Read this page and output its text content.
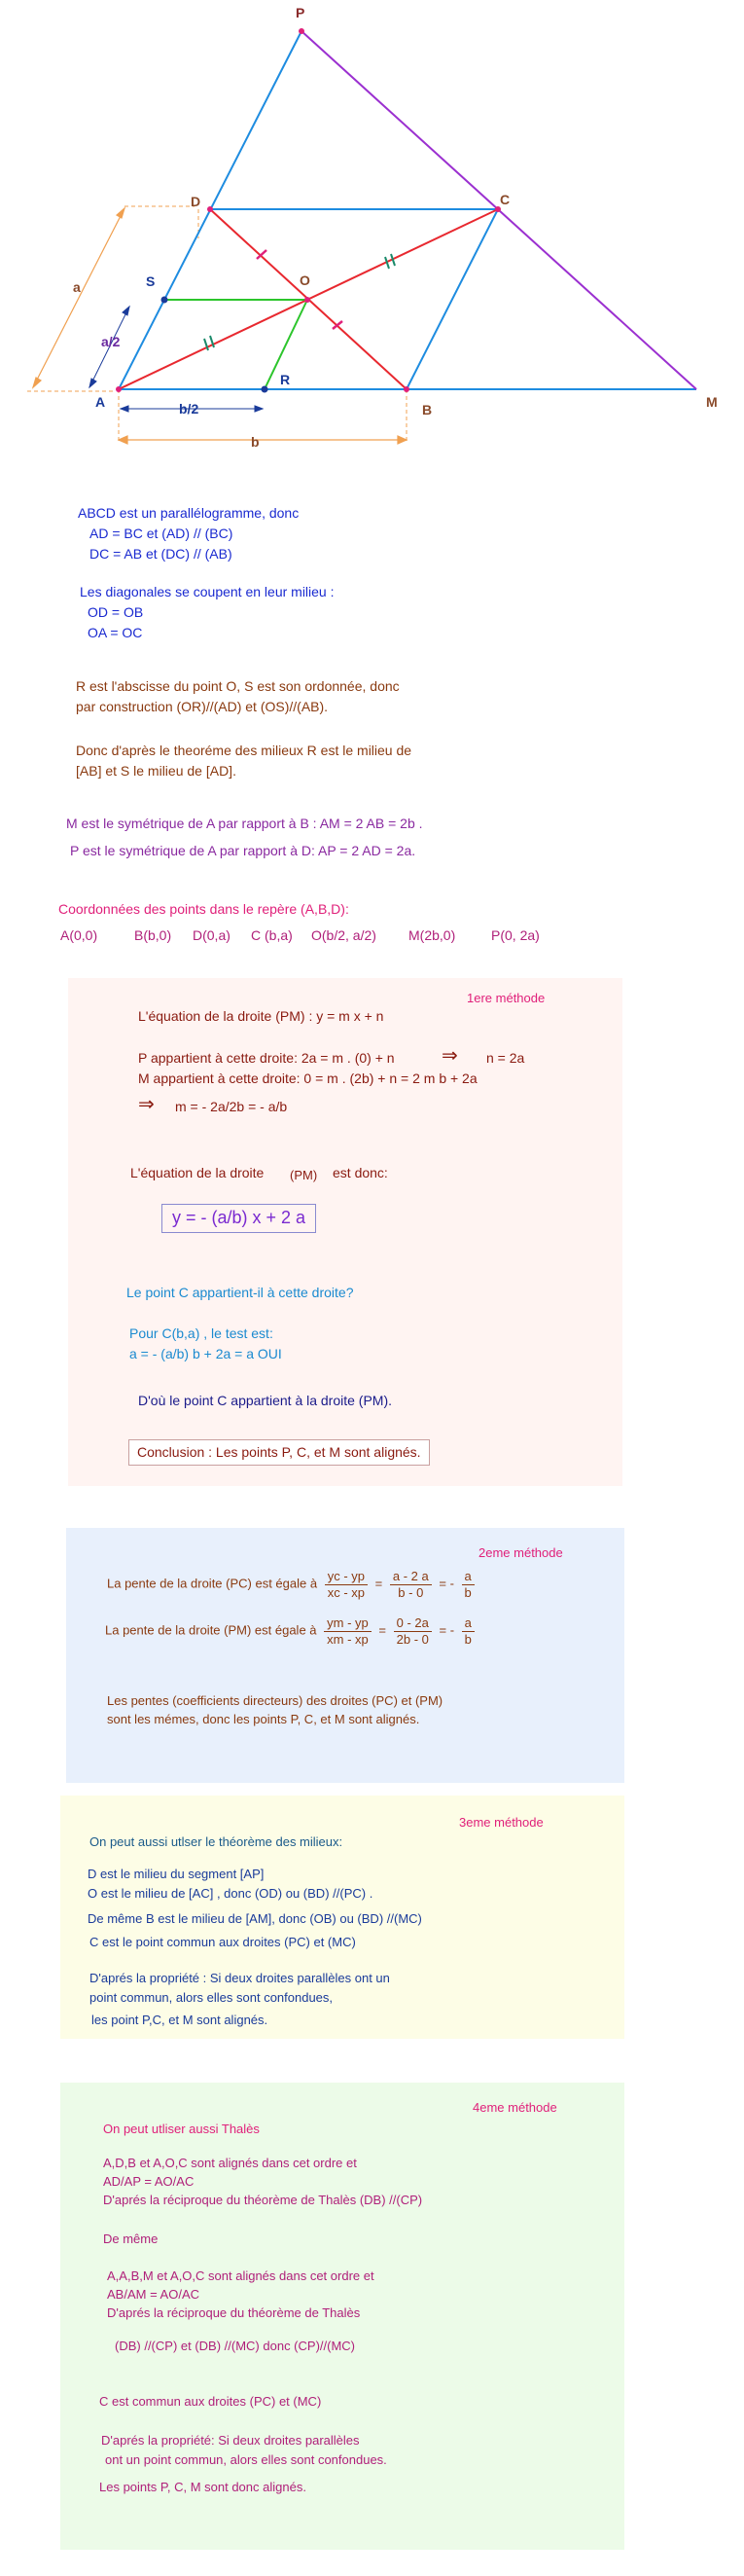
P
D	C
O
S
A
R
B	M
a
a/2
b/2
b
ABCD est un parallélogramme, donc
AD = BC et (AD) // (BC)
DC = AB et (DC) // (AB)
Les diagonales se coupent en leur milieu :
OD = OB
OA = OC
R est l'abscisse du point O, S est son ordonnée, donc
par construction (OR)//(AD) et (OS)//(AB).
Donc d'après le theoréme des milieux R est le milieu de
[AB] et S le milieu de [AD].
M est le symétrique de A par rapport à B : AM = 2 AB = 2b .
P est le symétrique de A par rapport à D: AP = 2 AD = 2a.
Coordonnées des points dans le repère (A,B,D):
A(0,0)	B(b,0) D(0,a) C (b,a) O(b/2, a/2) M(2b,0)	P(0, 2a)
1ere méthode
L'équation de la droite (PM) : y = m x + n
P appartient à cette droite: 2a = m . (0) + n ⇒ n = 2a
M appartient à cette droite: 0 = m . (2b) + n = 2 m b + 2a
⇒ m = - 2a/2b = - a/b
L'équation de la droite (PM) est donc:
y = - (a/b) x + 2 a
Le point C appartient-il à cette droite?
Pour C(b,a) , le test est:
a = - (a/b) b + 2a = a OUI
D'où le point C appartient à la droite (PM).
Conclusion : Les points P, C, et M sont alignés.
2eme méthode
La pente de la droite (PC) est égale à $\frac{yc - yp}{xc - xp} = \frac{a - 2 a}{b - 0}$ = - $\frac{a}{b}$
La pente de la droite (PM) est égale à $\frac{ym - yp}{xm - xp} = \frac{0 - 2a}{2b - 0}$ = - $\frac{a}{b}$
Les pentes (coefficients directeurs) des droites (PC) et (PM)
sont les mémes, donc les points P, C, et M sont alignés.
3eme méthode
On peut aussi utlser le théorème des milieux:
D est le milieu du segment [AP]
O est le milieu de [AC] , donc (OD) ou (BD) //(PC) .
De même B est le milieu de [AM], donc (OB) ou (BD) //(MC)
C est le point commun aux droites (PC) et (MC)
D'aprés la propriété : Si deux droites parallèles ont un
point commun, alors elles sont confondues,
les point P,C, et M sont alignés.
4eme méthode
On peut utliser aussi Thalès
A,D,B et A,O,C sont alignés dans cet ordre et
AD/AP = AO/AC
D'aprés la réciproque du théorème de Thalès (DB) //(CP)
De même
A,A,B,M et A,O,C sont alignés dans cet ordre et
AB/AM = AO/AC
D'aprés la réciproque du théorème de Thalès
(DB) //(CP) et (DB) //(MC) donc (CP)//(MC)
C est commun aux droites (PC) et (MC)
D'aprés la propriété: Si deux droites parallèles
ont un point commun, alors elles sont confondues.
Les points P, C, M sont donc alignés.
